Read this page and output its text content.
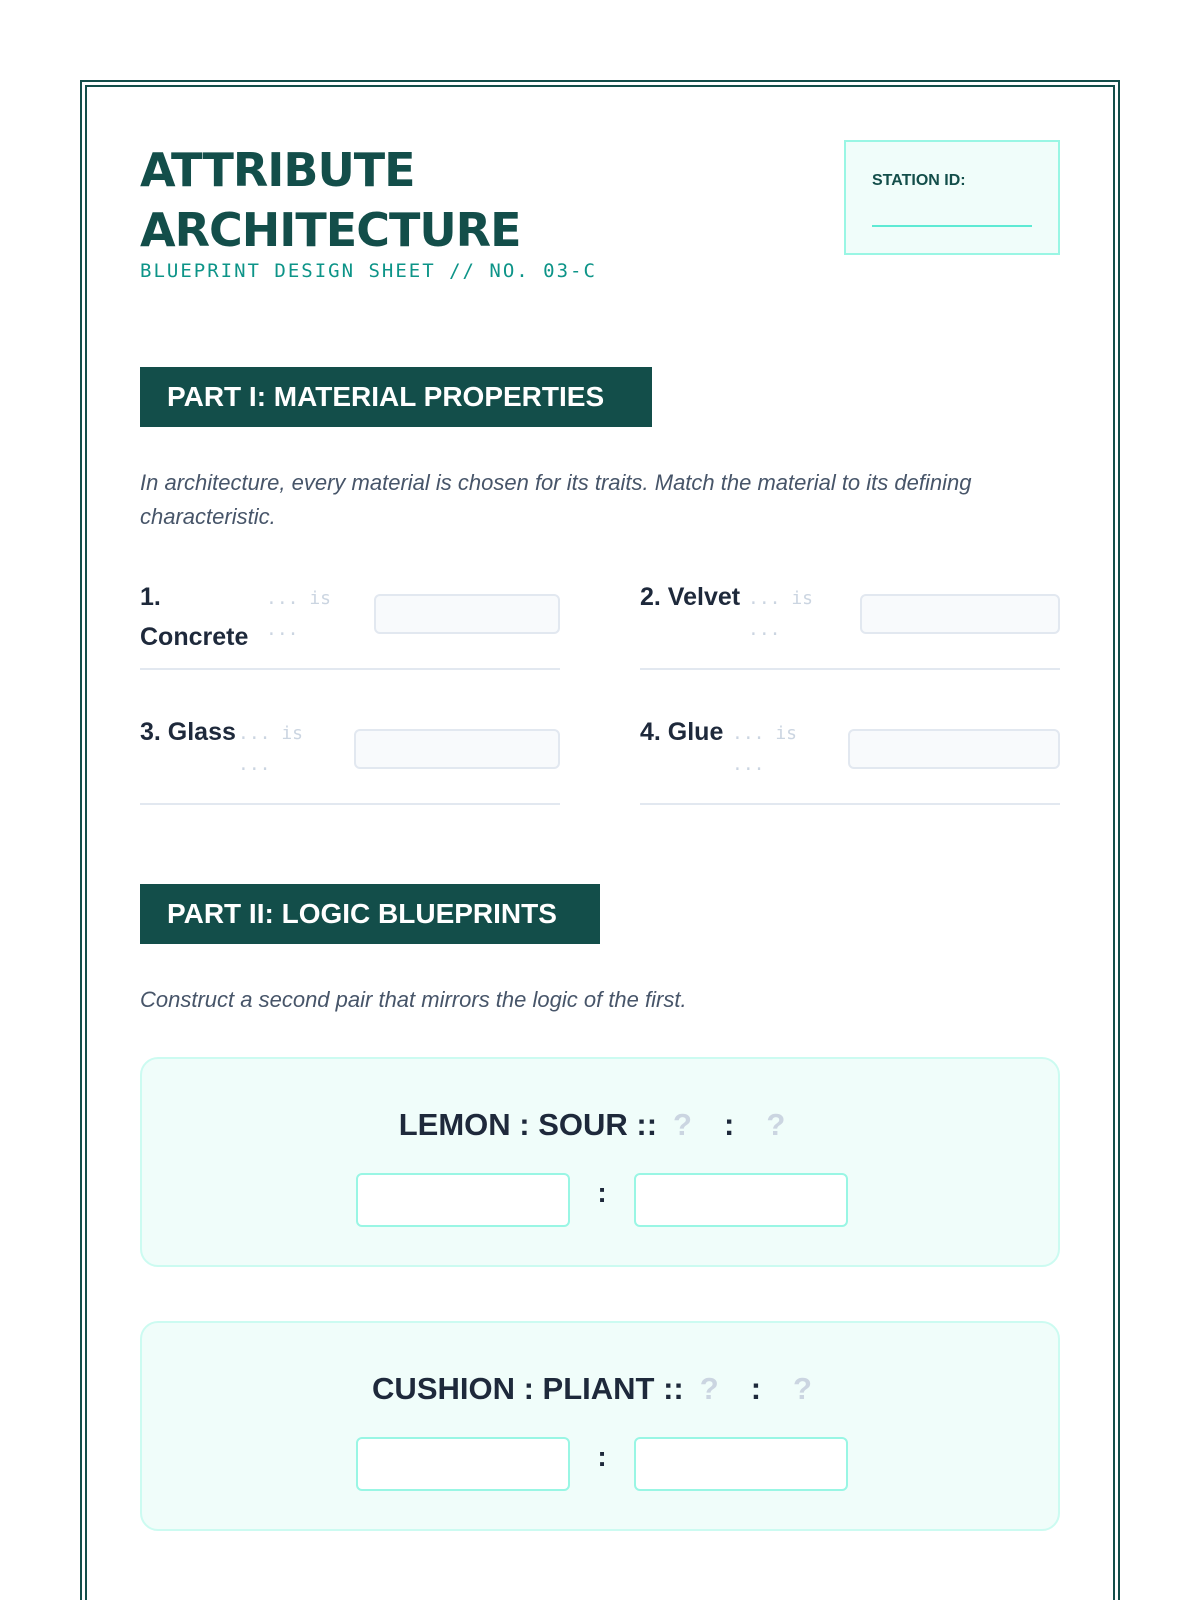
ATTRIBUTE ARCHITECTURE
BLUEPRINT DESIGN SHEET // NO. 03-C
STATION ID:
PART I: MATERIAL PROPERTIES
In architecture, every material is chosen for its traits. Match the material to its defining characteristic.
1. Concrete
... is ...
2. Velvet ... is ...
3. Glass ... is ...
4. Glue ... is ...
PART II: LOGIC BLUEPRINTS
Construct a second pair that mirrors the logic of the first.
LEMON : SOUR :: ? : ?
:
CUSHION : PLIANT :: ? : ?
:
